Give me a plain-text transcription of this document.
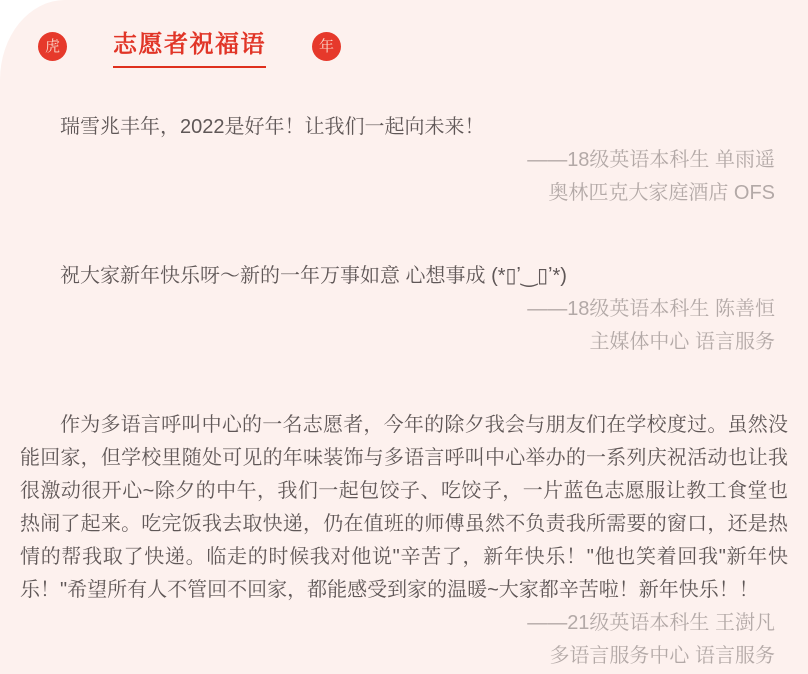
虎 志愿者祝福语	年

瑞雪兆丰年，2022是好年！让我们一起向未来！

——18级英语本科生 单雨遥

奥林匹克大家庭酒店 OFS

祝大家新年快乐呀～新的一年万事如意 心想事成 (*▯ʼ‿▯ʼ*)

——18级英语本科生 陈善恒

主媒体中心 语言服务

作为多语言呼叫中心的一名志愿者，今年的除夕我会与朋友们在学校度过。虽然没能回家，但学校里随处可见的年味装饰与多语言呼叫中心举办的一系列庆祝活动也让我很激动很开心~除夕的中午，我们一起包饺子、吃饺子，一片蓝色志愿服让教工食堂也热闹了起来。吃完饭我去取快递，仍在值班的师傅虽然不负责我所需要的窗口，还是热情的帮我取了快递。临走的时候我对他说"辛苦了，新年快乐！"他也笑着回我"新年快乐！"希望所有人不管回不回家，都能感受到家的温暖~大家都辛苦啦！新年快乐！！

——21级英语本科生 王澍凡

多语言服务中心 语言服务
